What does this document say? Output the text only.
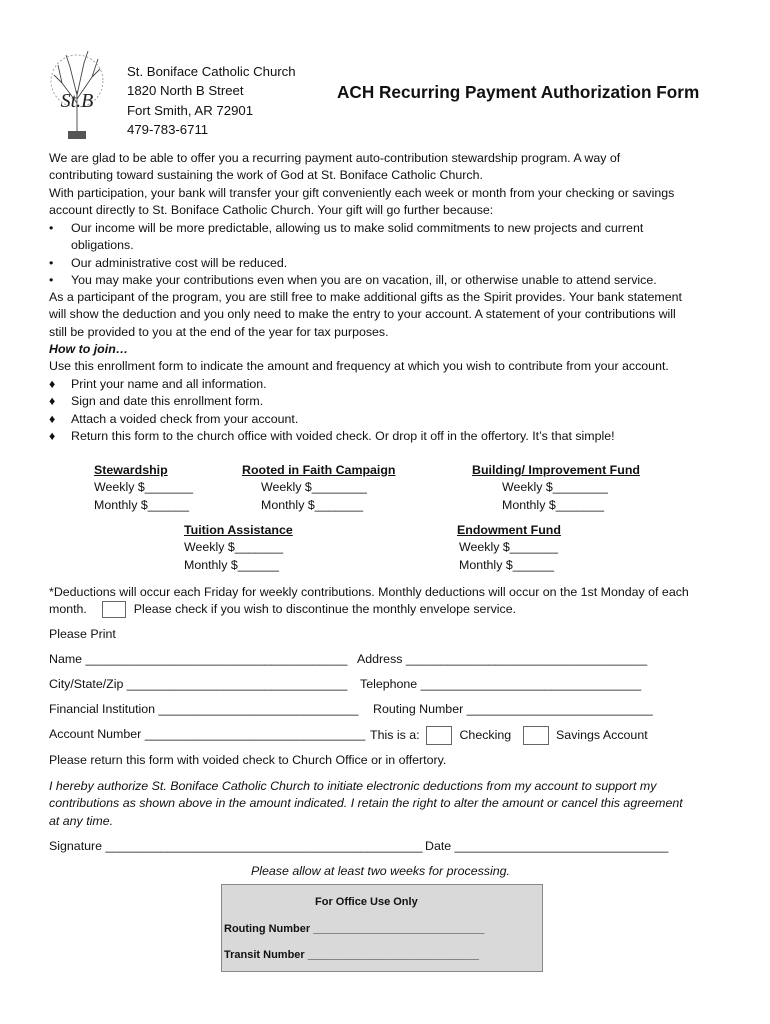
St.B
St. Boniface Catholic Church
1820 North B Street
Fort Smith, AR 72901
479-783-6711
ACH Recurring Payment Authorization Form
We are glad to be able to offer you a recurring payment auto-contribution stewardship program. A way of
contributing toward sustaining the work of God at St. Boniface Catholic Church.
With participation, your bank will transfer your gift conveniently each week or month from your checking or savings
account directly to St. Boniface Catholic Church. Your gift will go further because:
•	Our income will be more predictable, allowing us to make solid commitments to new projects and current
obligations.
•	Our administrative cost will be reduced.
•	You may make your contributions even when you are on vacation, ill, or otherwise unable to attend service.
As a participant of the program, you are still free to make additional gifts as the Spirit provides. Your bank statement
will show the deduction and you only need to make the entry to your account. A statement of your contributions will
still be provided to you at the end of the year for tax purposes.
How to join…
Use this enrollment form to indicate the amount and frequency at which you wish to contribute from your account.
♦	Print your name and all information.
♦	Sign and date this enrollment form.
♦	Attach a voided check from your account.
♦	Return this form to the church office with voided check. Or drop it off in the offertory. It’s that simple!
Stewardship
Weekly $_______
Monthly $______
Rooted in Faith Campaign
Weekly $________
Monthly $_______
Building/ Improvement Fund
Weekly $________
Monthly $_______
Tuition Assistance
Weekly $_______
Monthly $______
Endowment Fund
Weekly $_______
Monthly $______
*Deductions will occur each Friday for weekly contributions. Monthly deductions will occur on the 1st Monday of each
month.	Please check if you wish to discontinue the monthly envelope service.
Please Print
Name ______________________________________ Address ___________________________________
City/State/Zip ________________________________ Telephone ________________________________
Financial Institution _____________________________ Routing Number ___________________________
Account Number ________________________________ This is a:	Checking	Savings Account
Please return this form with voided check to Church Office or in offertory.
I hereby authorize St. Boniface Catholic Church to initiate electronic deductions from my account to support my
contributions as shown above in the amount indicated. I retain the right to alter the amount or cancel this agreement
at any time.
Signature ______________________________________________ Date _______________________________
Please allow at least two weeks for processing.
For Office Use Only
Routing Number ____________________________
Transit Number ____________________________
